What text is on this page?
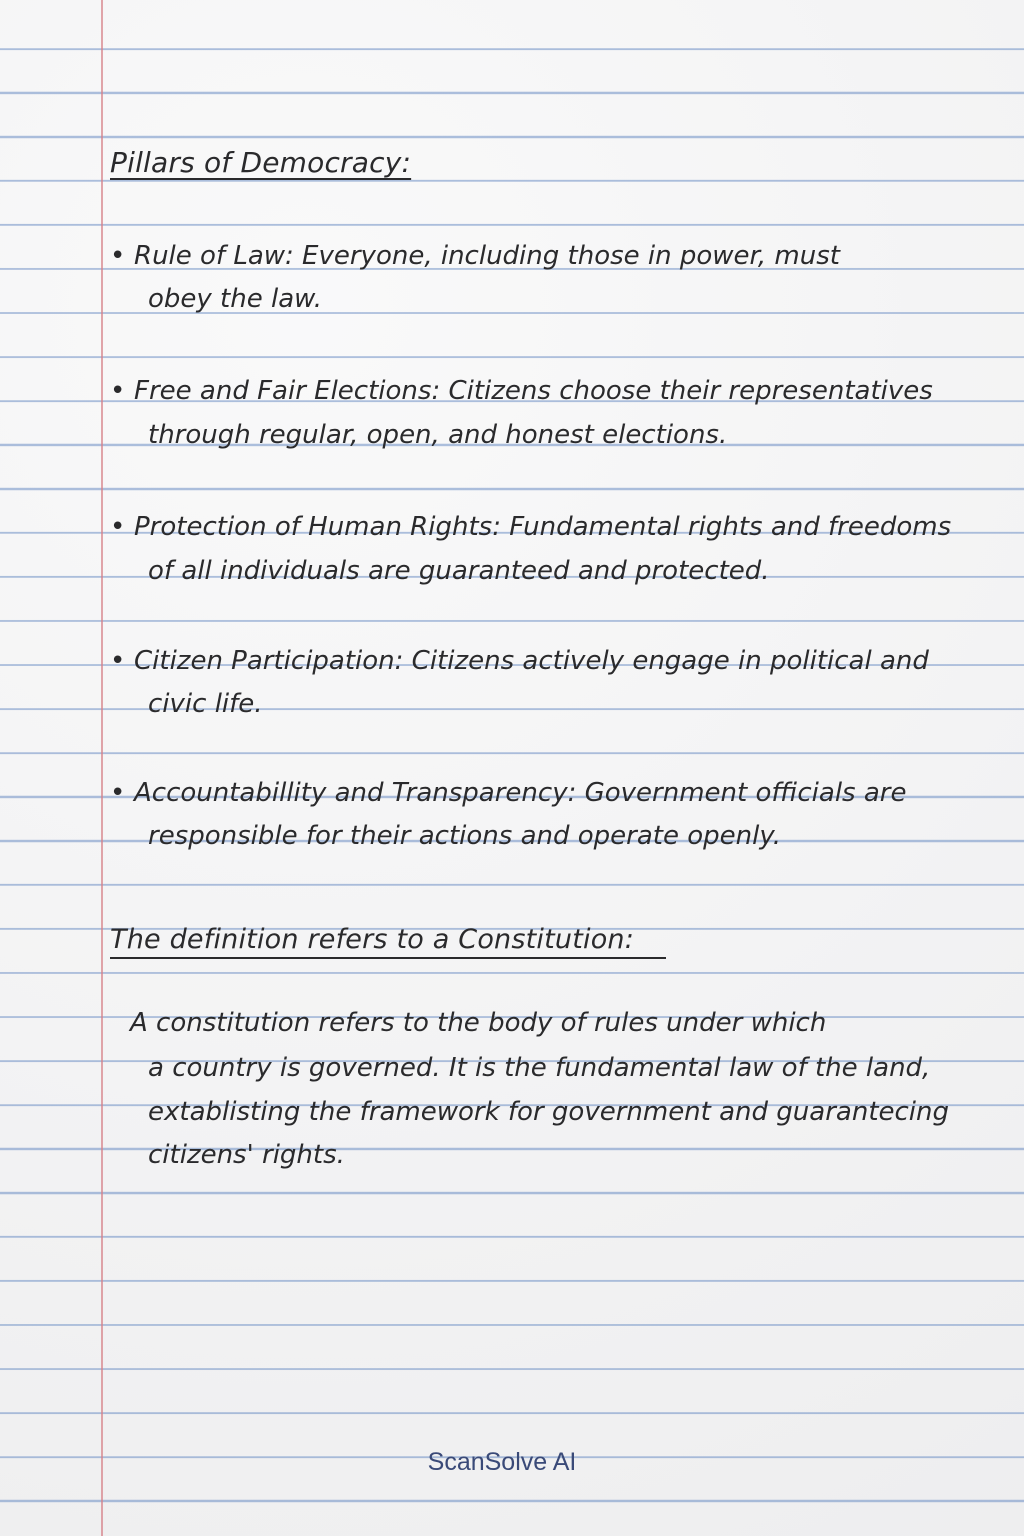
Pillars of Democracy:
• Rule of Law: Everyone, including those in power, must
obey the law.
• Free and Fair Elections: Citizens choose their representatives
through regular, open, and honest elections.
• Protection of Human Rights: Fundamental rights and freedoms
of all individuals are guaranteed and protected.
• Citizen Participation: Citizens actively engage in political and
civic life.
• Accountabillity and Transparency: Government officials are
responsible for their actions and operate openly.
The definition refers to a Constitution:
A constitution refers to the body of rules under which
a country is governed. It is the fundamental law of the land,
extablisting the framework for government and guarantecing
citizens' rights.
ScanSolve AI
